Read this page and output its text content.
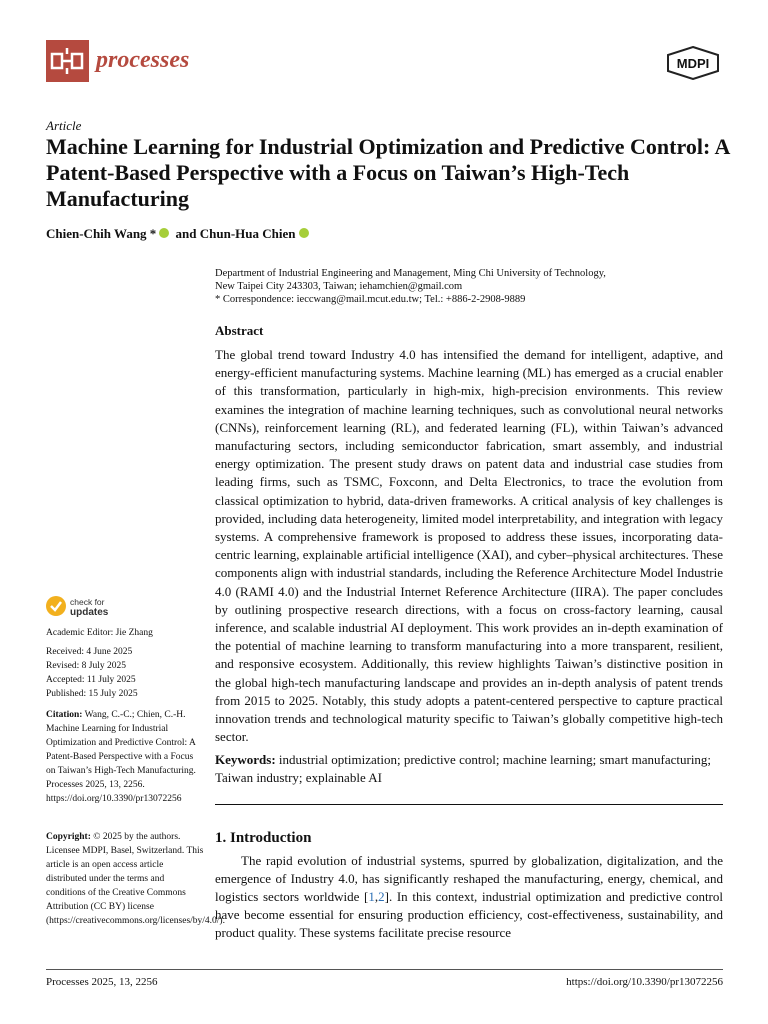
processes	MDPI
Article
Machine Learning for Industrial Optimization and Predictive Control: A Patent-Based Perspective with a Focus on Taiwan’s High-Tech Manufacturing
Chien-Chih Wang * and Chun-Hua Chien
Department of Industrial Engineering and Management, Ming Chi University of Technology,
New Taipei City 243303, Taiwan; iehamchien@gmail.com
* Correspondence: ieccwang@mail.mcut.edu.tw; Tel.: +886-2-2908-9889
Abstract
The global trend toward Industry 4.0 has intensified the demand for intelligent, adaptive, and energy-efficient manufacturing systems. Machine learning (ML) has emerged as a crucial enabler of this transformation, particularly in high-mix, high-precision environments. This review examines the integration of machine learning techniques, such as convolutional neural networks (CNNs), reinforcement learning (RL), and federated learning (FL), within Taiwan’s advanced manufacturing sectors, including semiconductor fabrication, smart assembly, and industrial energy optimization. The present study draws on patent data and industrial case studies from leading firms, such as TSMC, Foxconn, and Delta Electronics, to trace the evolution from classical optimization to hybrid, data-driven frameworks. A critical analysis of key challenges is provided, including data heterogeneity, limited model interpretability, and integration with legacy systems. A comprehensive framework is proposed to address these issues, incorporating data-centric learning, explainable artificial intelligence (XAI), and cyber–physical architectures. These components align with industrial standards, including the Reference Architecture Model Industrie 4.0 (RAMI 4.0) and the Industrial Internet Reference Architecture (IIRA). The paper concludes by outlining prospective research directions, with a focus on cross-factory learning, causal inference, and scalable industrial AI deployment. This work provides an in-depth examination of the potential of machine learning to transform manufacturing into a more transparent, resilient, and responsive ecosystem. Additionally, this review highlights Taiwan’s distinctive position in the global high-tech manufacturing landscape and provides an in-depth analysis of patent trends from 2015 to 2025. Notably, this study adopts a patent-centered perspective to capture practical innovation trends and technological maturity specific to Taiwan’s globally competitive high-tech sector.
Keywords: industrial optimization; predictive control; machine learning; smart manufacturing; Taiwan industry; explainable AI
1. Introduction
The rapid evolution of industrial systems, spurred by globalization, digitalization, and the emergence of Industry 4.0, has significantly reshaped the manufacturing, energy, chemical, and logistics sectors worldwide [1,2]. In this context, industrial optimization and predictive control have become essential for ensuring production efficiency, cost-effectiveness, sustainability, and product quality. These systems facilitate precise resource
check for
updates
Academic Editor: Jie Zhang
Received: 4 June 2025
Revised: 8 July 2025
Accepted: 11 July 2025
Published: 15 July 2025
Citation: Wang, C.-C.; Chien, C.-H. Machine Learning for Industrial Optimization and Predictive Control: A Patent-Based Perspective with a Focus on Taiwan’s High-Tech Manufacturing. Processes 2025, 13, 2256. https://doi.org/10.3390/pr13072256
Copyright: © 2025 by the authors. Licensee MDPI, Basel, Switzerland. This article is an open access article distributed under the terms and conditions of the Creative Commons Attribution (CC BY) license (https://creativecommons.org/licenses/by/4.0/).
Processes 2025, 13, 2256	https://doi.org/10.3390/pr13072256
